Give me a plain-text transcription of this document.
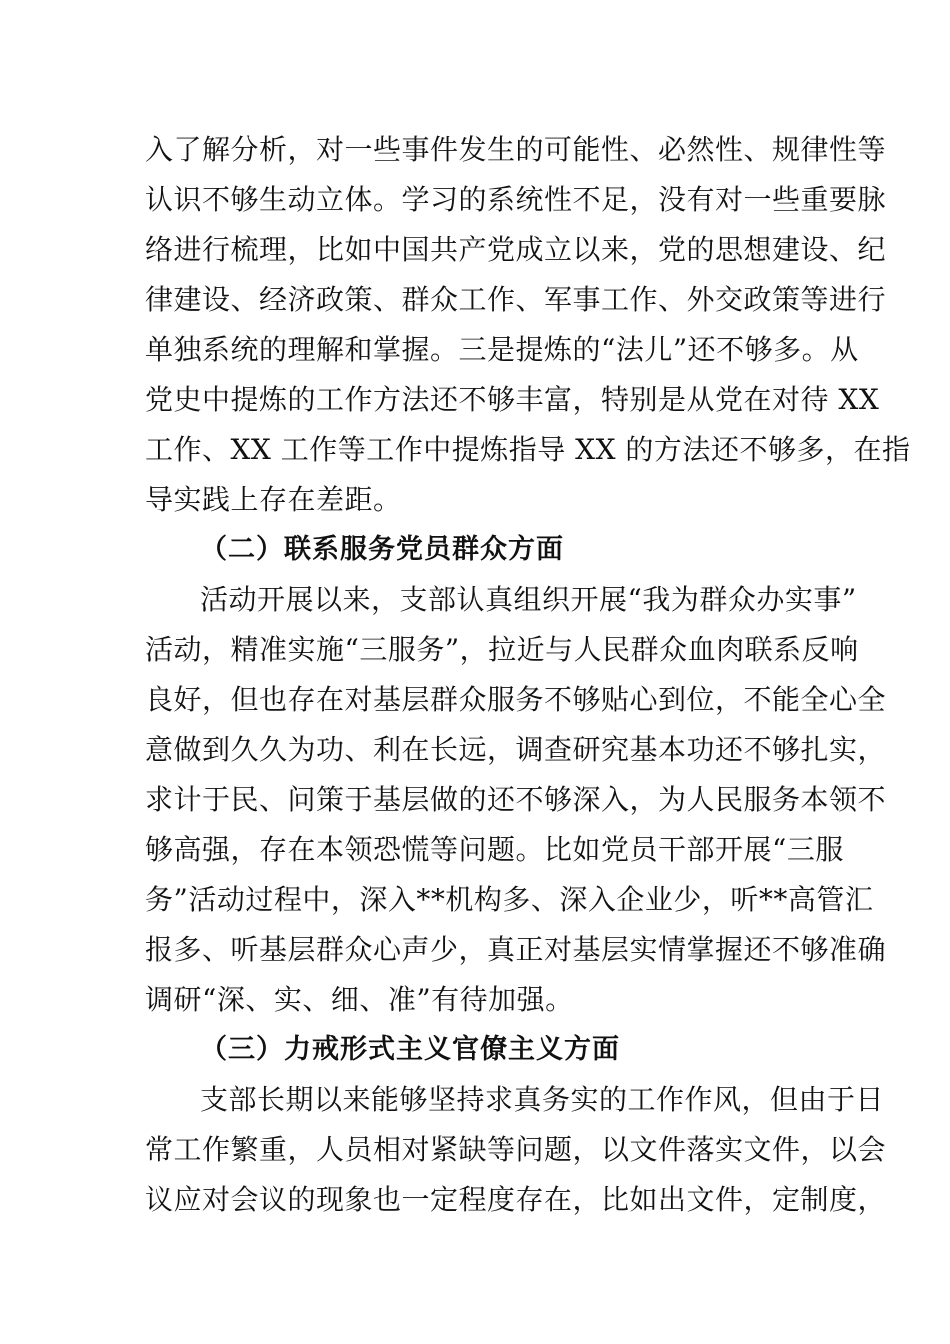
入了解分析，对一些事件发生的可能性、必然性、规律性等
认识不够生动立体。学习的系统性不足，没有对一些重要脉
络进行梳理，比如中国共产党成立以来，党的思想建设、纪
律建设、经济政策、群众工作、军事工作、外交政策等进行
单独系统的理解和掌握。三是提炼的“法儿”还不够多。从
党史中提炼的工作方法还不够丰富，特别是从党在对待 XX
工作、XX 工作等工作中提炼指导 XX 的方法还不够多，在指
导实践上存在差距。
（二）联系服务党员群众方面
活动开展以来，支部认真组织开展“我为群众办实事”
活动，精准实施“三服务”，拉近与人民群众血肉联系反响
良好，但也存在对基层群众服务不够贴心到位，不能全心全
意做到久久为功、利在长远，调查研究基本功还不够扎实，
求计于民、问策于基层做的还不够深入，为人民服务本领不
够高强，存在本领恐慌等问题。比如党员干部开展“三服
务”活动过程中，深入**机构多、深入企业少，听**高管汇
报多、听基层群众心声少，真正对基层实情掌握还不够准确
调研“深、实、细、准”有待加强。
（三）力戒形式主义官僚主义方面
支部长期以来能够坚持求真务实的工作作风，但由于日
常工作繁重，人员相对紧缺等问题，以文件落实文件，以会
议应对会议的现象也一定程度存在，比如出文件，定制度，
